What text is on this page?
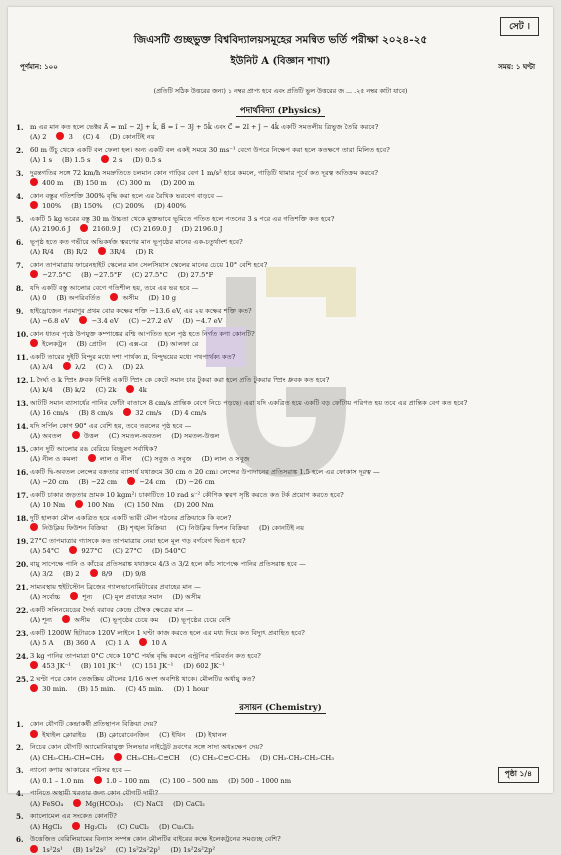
সেট ।
জিএসটি গুচ্ছভুক্ত বিশ্ববিদ্যালয়সমূহের সমন্বিত ভর্তি পরীক্ষা ২০২৪-২৫
ইউনিট A (বিজ্ঞান শাখা)
পূর্ণমান: ১০০	সময়: ১ ঘণ্টা
(প্রতিটি সঠিক উত্তরের জন্য) ১ নম্বর প্রাপ্য হবে এবং প্রতিটি ভুল উত্তরের জ ... .২৫ নম্বর কাটা যাবে)
পদার্থবিদ্যা (Physics)
1. m এর মান কত হলে ভেক্টর A⃗ = mî − 2ĵ + k̂, B⃗ = î − 3ĵ + 5k̂ এবং C⃗ = 2î + ĵ − 4k̂ একটি সমতলীয় ত্রিভুজ তৈরি করবে?
(A) 2	3 (C) 4 (D) কোনটিই নয়
2. 60 m উঁচু থেকে একটি বল ফেলা হল। অন্য একটি বল একই সময়ে 30 ms⁻¹ বেগে উপরে নিক্ষেপ করা হলে কতক্ষণে তারা মিলিত হবে?
(A) 1 s (B) 1.5 s	2 s (D) 0.5 s
3. দুরন্তগতির সঙ্গে 72 km/h সমদ্রুতিতে চলমান কোন গাড়ির বেগ 1 m/s² হারে কমলে, গাড়িটি থামার পূর্বে কত দূরত্ব অতিক্রম করবে?
400 m (B) 150 m (C) 300 m (D) 200 m
4. কোন বস্তুর গতিশক্তি 300% বৃদ্ধি করা হলে এর রৈখিক ভরবেগ বাড়বে —
100% (B) 150% (C) 200% (D) 400%
5. একটি 5 kg ভরের বস্তু 30 m উচ্চতা থেকে মুক্তভাবে ভূমিতে পতিত হলে পতনের 3 s পরে এর গতিশক্তি কত হবে?
(A) 2190.6 J	2160.9 J (C) 2169.0 J (D) 2196.0 J
6. ভূপৃষ্ঠ হতে কত গভীরে অভিকর্ষজ ত্বরণের মান ভূপৃষ্ঠের মানের এক-চতুর্থাংশ হবে?
(A) R/4 (B) R/2	3R/4 (D) R
7. কোন তাপমাত্রায় ফারেনহাইট স্কেলের মান সেলসিয়াস স্কেলের মানের চেয়ে 10° বেশি হবে?
−27.5°C (B) −27.5°F (C) 27.5°C (D) 27.5°F
8. যদি একটি বস্তু আলোর বেগে গতিশীল হয়, তবে এর ভর হবে —
(A) 0 (B) অপরিবর্তিত	অসীম (D) 10 g
9. হাইড্রোজেন পরমাণুর প্রথম বোর কক্ষের শক্তি −13.6 eV, এর ২য় কক্ষের শক্তি কত?
(A) −6.8 eV	−3.4 eV (C) −27.2 eV (D) −4.7 eV
10. কোন ধাতব পৃষ্ঠে উপযুক্ত কম্পাঙ্কের রশ্মি আপতিত হলে পৃষ্ঠ হতে নির্গত কণা কোনটি?
ইলেকট্রন (B) প্রোটন (C) এক্স-রে (D) আলফা রে
11. একটি তারের দুইটি বিন্দুর মধ্যে দশা পার্থক্য π, বিন্দুদ্বয়ের মধ্যে পথপার্থক্য কত?
(A) λ/4	λ/2 (C) λ (D) 2λ
12. L দৈর্ঘ্য ও k স্প্রিং ধ্রুবক বিশিষ্ট একটি স্প্রিং কে কেটে সমান চার টুকরা করা হলে প্রতি টুকরার স্প্রিং ধ্রুবক কত হবে?
(A) k/4 (B) k/2 (C) 2k	4k
13. আটটি সমান ব্যাসার্ধের পানির ফোঁটা বাতাসে 8 cm/s প্রান্তিক বেগে নিচে পড়ছে। এরা যদি একত্রিত হয়ে একটি বড় ফোঁটায় পরিণত হয় তবে এর প্রান্তিক বেগ কত হবে?
(A) 16 cm/s (B) 8 cm/s	32 cm/s (D) 4 cm/s
14. যদি সর্পিল কোণ 90° এর বেশি হয়, তবে তরলের পৃষ্ঠ হবে —
(A) অবতল	উত্তল (C) সমতল-অবতল (D) সমতল-উত্তল
15. কোন দুটি আলোর রঙ বেরিয়ে বিচ্ছুরণ সর্বাধিক?
(A) নীল ও কমলা	লাল ও নীল (C) সবুজ ও সবুজ (D) লাল ও সবুজ
16. একটি দ্বি-অবতল লেন্সের বক্রতার ব্যাসার্ধ যথাক্রমে 30 cm ও 20 cm। লেন্সের উপাদানের প্রতিসরাঙ্ক 1.5 হলে এর ফোকাস দূরত্ব —
(A) −20 cm (B) −22 cm	−24 cm (D) −26 cm
17. একটি চাকার জড়তার ভ্রামক 10 kgm²। চাকাটিতে 10 rad s⁻² কৌণিক ত্বরণ সৃষ্টি করতে কত টর্ক প্রয়োগ করতে হবে?
(A) 10 Nm	100 Nm (C) 150 Nm (D) 200 Nm
18. দুটি হালকা মৌল একত্রিত হয়ে একটি ভারী মৌল গঠনের প্রক্রিয়াকে কি বলে?
নিউক্লিয় ফিউশন বিক্রিয়া (B) শৃঙ্খল বিক্রিয়া (C) নিউক্লিয় ফিশন বিক্রিয়া (D) কোনটিই নয়
19. 27°C তাপমাত্রার গ্যাসকে কত তাপমাত্রায় নেয়া হলে মূল গড় বর্গবেগ দ্বিগুণ হবে?
(A) 54°C	927°C (C) 27°C (D) 540°C
20. বায়ু সাপেক্ষে পানি ও কাঁচের প্রতিসরাঙ্ক যথাক্রমে 4/3 ও 3/2 হলে কাঁচ সাপেক্ষে পানির প্রতিসরাঙ্ক হবে —
(A) 3/2 (B) 2	8/9 (D) 9/8
21. সাম্যবস্থায় হুইটস্টোন ব্রিজের গ্যালভানোমিটারের প্রবাহের মান —
(A) সর্বোচ্চ	শূন্য (C) মূল প্রবাহের সমান (D) অসীম
22. একটি সলিনয়েডের দৈর্ঘ্য বরাবর কেন্দ্রে চৌম্বক ক্ষেত্রের মান —
(A) শূন্য	অসীম (C) ভূপৃষ্ঠের চেয়ে কম (D) ভূপৃষ্ঠের চেয়ে বেশি
23. একটি 1200W হিটারকে 120V লাইনে 1 ঘণ্টা কাজ করতে হলে এর মধ্য দিয়ে কত বিদ্যুৎ প্রবাহিত হবে?
(A) 5 A (B) 360 A (C) 1 A	10 A
24. 3 kg পানির তাপমাত্রা 0°C থেকে 10°C পর্যন্ত বৃদ্ধি করলে এন্ট্রপির পরিবর্তন কত হবে?
453 JK⁻¹ (B) 101 JK⁻¹ (C) 151 JK⁻¹ (D) 602 JK⁻¹
25. 2 ঘণ্টা পরে কোন তেজস্ক্রিয় মৌলের 1/16 অংশ অবশিষ্ট থাকে। মৌলটির অর্ধায়ু কত?
30 min. (B) 15 min. (C) 45 min. (D) 1 hour
রসায়ন (Chemistry)
1. কোন যৌগটি কেন্দ্রাকর্ষী প্রতিস্থাপন বিক্রিয়া দেয়?
ইথাইল ক্লোরাইড (B) ক্লোরোবেনজিন (C) ইথিন (D) ইথানল
2. নিচের কোন যৌগটি অ্যামোনিয়াযুক্ত সিলভার নাইট্রেট দ্রবণের সঙ্গে সাদা অধঃক্ষেপ দেয়?
(A) CH₃-CH₂-CH=CH₂	CH₃-CH₂-C≡CH (C) CH₃-C≡C-CH₃ (D) CH₃-CH₂-CH₂-CH₃
3. ন্যানো কণার আকারের পরিসর হবে —
(A) 0.1 – 1.0 nm	1.0 – 100 nm (C) 100 – 500 nm (D) 500 – 1000 nm
4. পানিতে অস্থায়ী খরতার জন্য কোন যৌগটি দায়ী?
(A) FeSO₄	Mg(HCO₃)₂ (C) NaCl (D) CaCl₂
5. ক্যালোমেল এর সংকেত কোনটি?
(A) HgCl₂	Hg₂Cl₂ (C) CuCl₂ (D) Cu₂Cl₂
6. উত্তেজিত বেরিলিয়ামের বিন্যাস সম্পন্ন কোন মৌলটির বাইরের কক্ষে ইলেকট্রনের সমগুচ্ছ বেশি?
1s²2s¹ (B) 1s²2s² (C) 1s²2s²2p¹ (D) 1s²2s²2p²
পৃষ্ঠা ১/৪
